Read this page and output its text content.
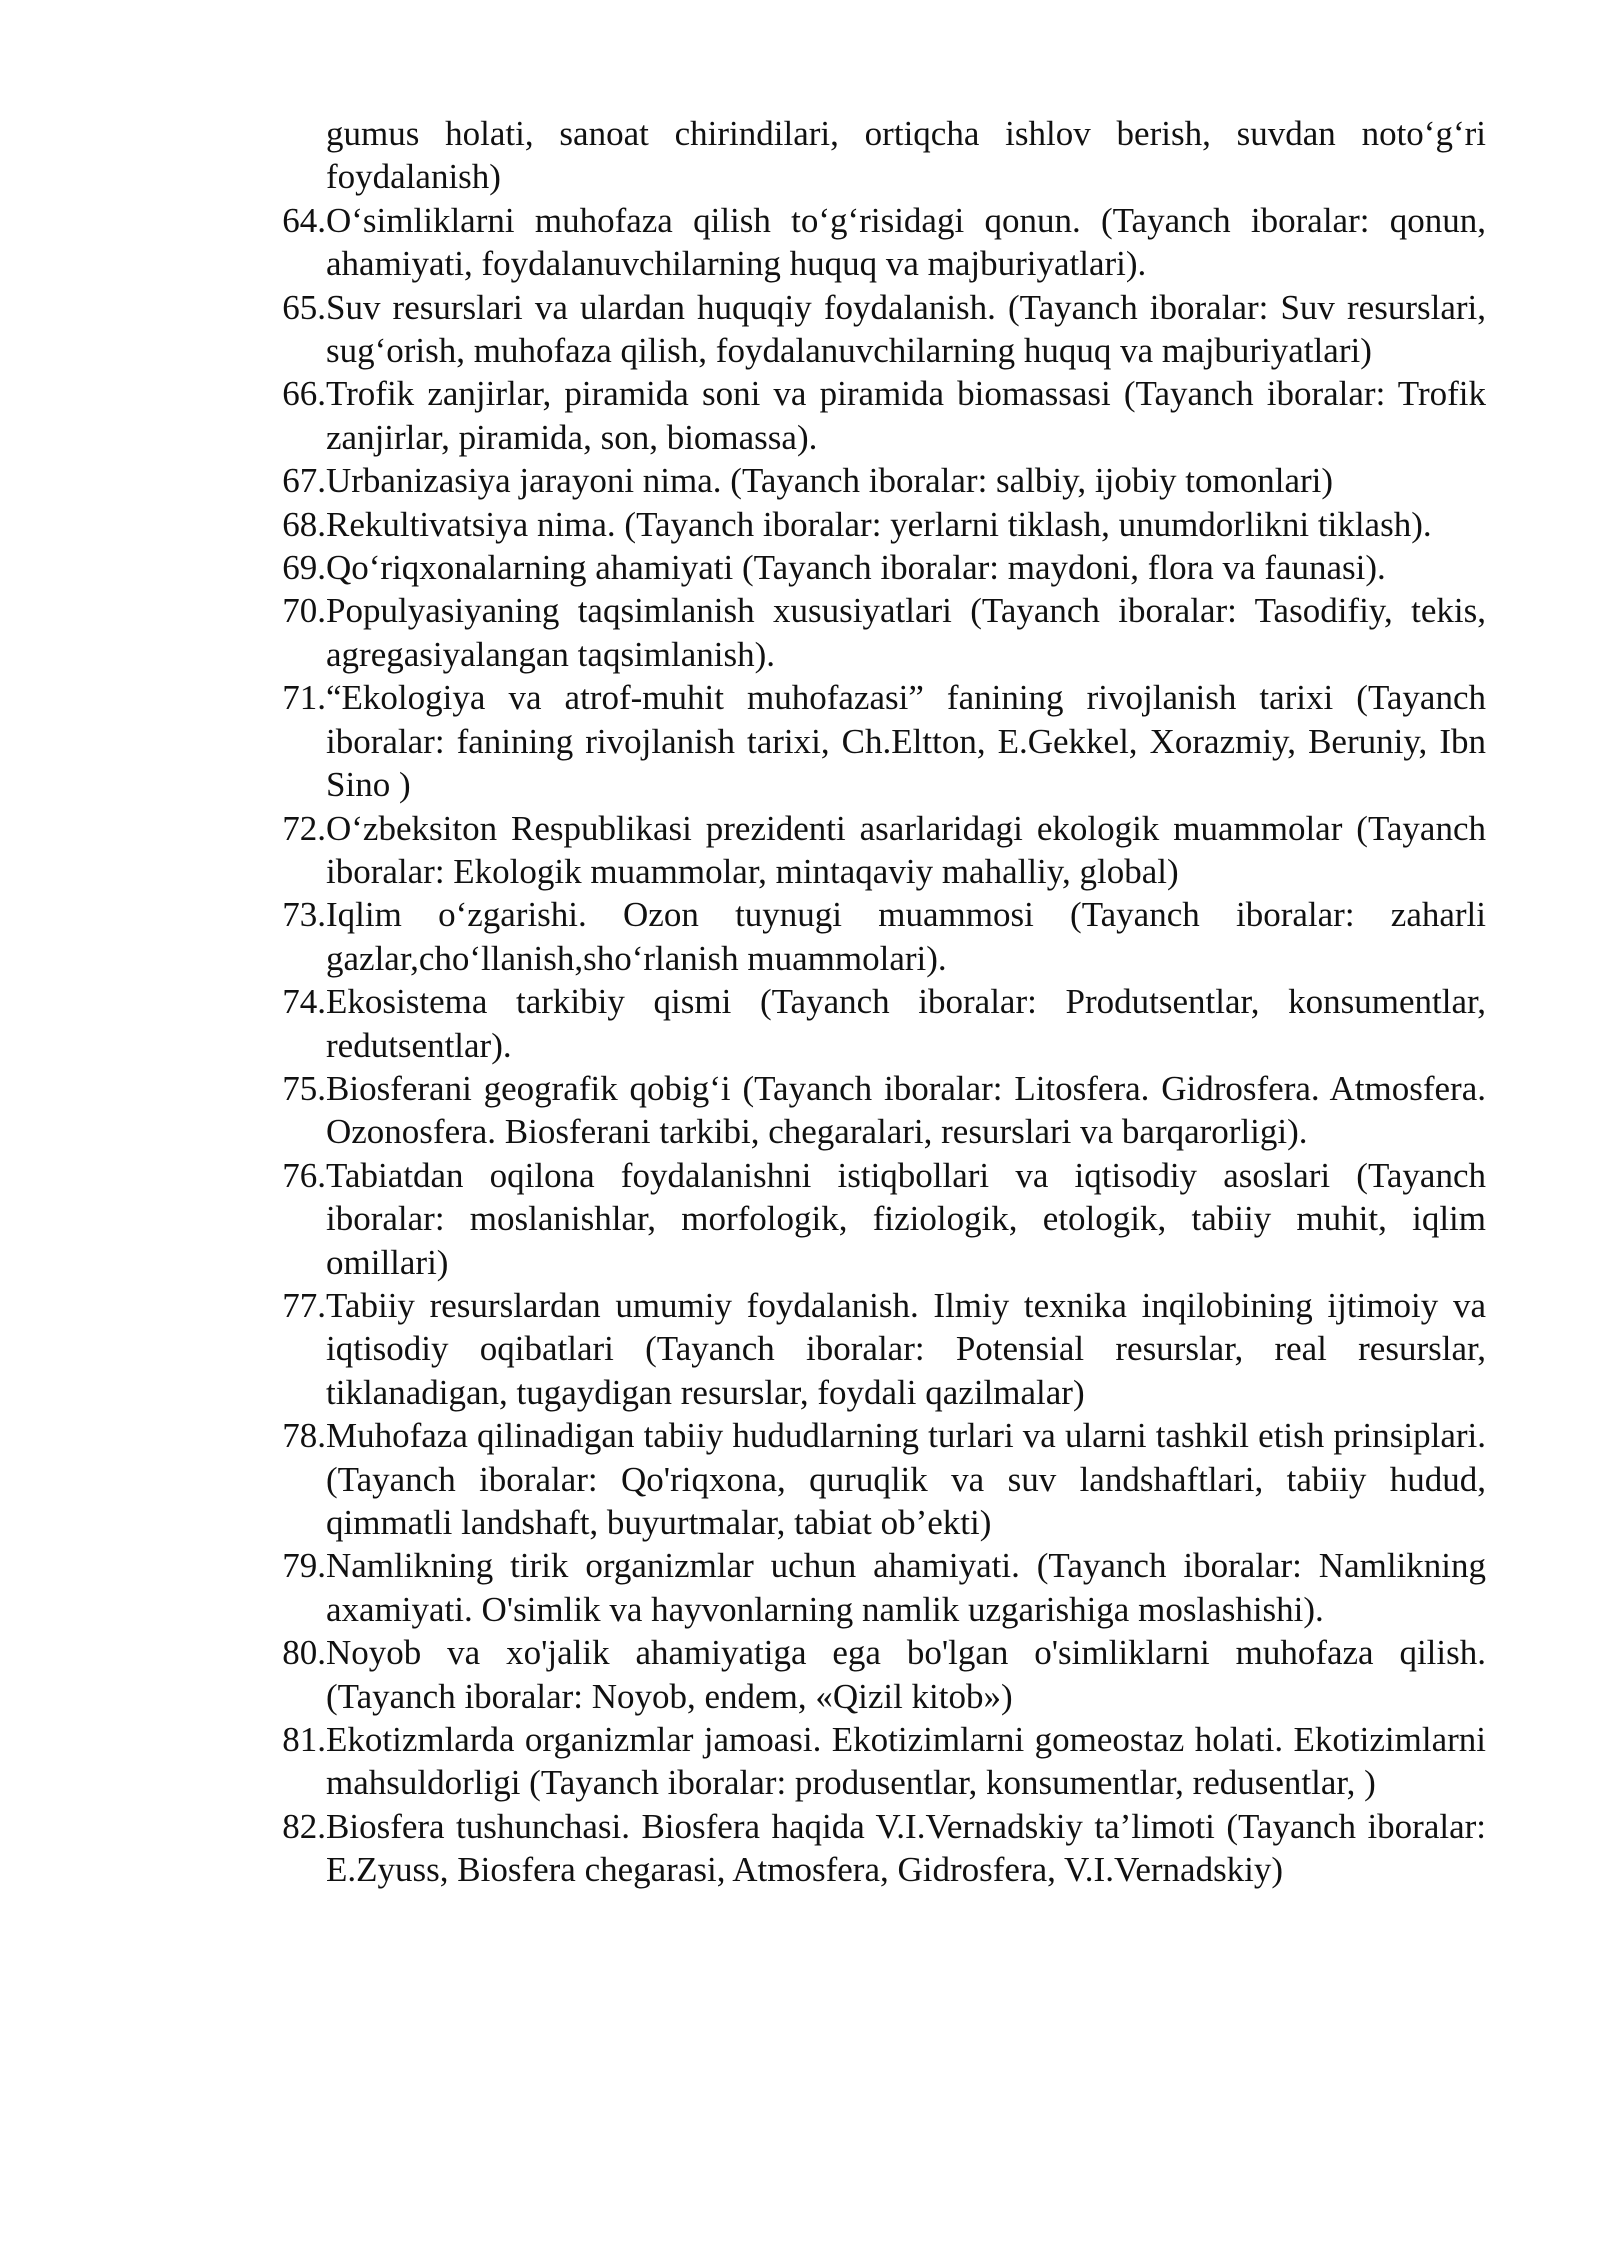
gumus holati, sanoat chirindilari, ortiqcha ishlov berish, suvdan noto‘g‘ri foydalanish)
64. O‘simliklarni muhofaza qilish to‘g‘risidagi qonun. (Tayanch iboralar: qonun, ahamiyati, foydalanuvchilarning huquq va majburiyatlari).
65. Suv resurslari va ulardan huquqiy foydalanish. (Tayanch iboralar: Suv resurslari, sug‘orish, muhofaza qilish, foydalanuvchilarning huquq va majburiyatlari)
66. Trofik zanjirlar, piramida soni va piramida biomassasi (Tayanch iboralar: Trofik zanjirlar, piramida, son, biomassa).
67. Urbanizasiya jarayoni nima. (Tayanch iboralar: salbiy, ijobiy tomonlari)
68. Rekultivatsiya nima. (Tayanch iboralar: yerlarni tiklash, unumdorlikni tiklash).
69. Qo‘riqxonalarning ahamiyati (Tayanch iboralar: maydoni, flora va faunasi).
70. Populyasiyaning taqsimlanish xususiyatlari (Tayanch iboralar: Tasodifiy, tekis, agregasiyalangan taqsimlanish).
71. “Ekologiya va atrof-muhit muhofazasi” fanining rivojlanish tarixi (Tayanch iboralar: fanining rivojlanish tarixi, Ch.Eltton, E.Gekkel, Xorazmiy, Beruniy, Ibn Sino )
72. O‘zbeksiton Respublikasi prezidenti asarlaridagi ekologik muammolar (Tayanch iboralar: Ekologik muammolar, mintaqaviy mahalliy, global)
73. Iqlim o‘zgarishi. Ozon tuynugi muammosi (Tayanch iboralar: zaharli gazlar,cho‘llanish,sho‘rlanish muammolari).
74. Ekosistema tarkibiy qismi (Tayanch iboralar: Produtsentlar, konsumentlar, redutsentlar).
75. Biosferani geografik qobig‘i (Tayanch iboralar: Litosfera. Gidrosfera. Atmosfera. Ozonosfera. Biosferani tarkibi, chegaralari, resurslari va barqarorligi).
76. Tabiatdan oqilona foydalanishni istiqbollari va iqtisodiy asoslari (Tayanch iboralar: moslanishlar, morfologik, fiziologik, etologik, tabiiy muhit, iqlim omillari)
77. Tabiiy resurslardan umumiy foydalanish. Ilmiy texnika inqilobining ijtimoiy va iqtisodiy oqibatlari (Tayanch iboralar: Potensial resurslar, real resurslar, tiklanadigan, tugaydigan resurslar, foydali qazilmalar)
78. Muhofaza qilinadigan tabiiy hududlarning turlari va ularni tashkil etish prinsiplari. (Tayanch iboralar: Qo'riqxona, quruqlik va suv landshaftlari, tabiiy hudud, qimmatli landshaft, buyurtmalar, tabiat ob’ekti)
79. Namlikning tirik organizmlar uchun ahamiyati. (Tayanch iboralar: Namlikning axamiyati. O'simlik va hayvonlarning namlik uzgarishiga moslashishi).
80. Noyob va xo'jalik ahamiyatiga ega bo'lgan o'simliklarni muhofaza qilish. (Tayanch iboralar: Noyob, endem, «Qizil kitob»)
81. Ekotizmlarda organizmlar jamoasi. Ekotizimlarni gomeostaz holati. Ekotizimlarni mahsuldorligi (Tayanch iboralar: produsentlar, konsumentlar, redusentlar, )
82. Biosfera tushunchasi. Biosfera haqida V.I.Vernadskiy ta’limoti (Tayanch iboralar: E.Zyuss, Biosfera chegarasi, Atmosfera, Gidrosfera, V.I.Vernadskiy)
